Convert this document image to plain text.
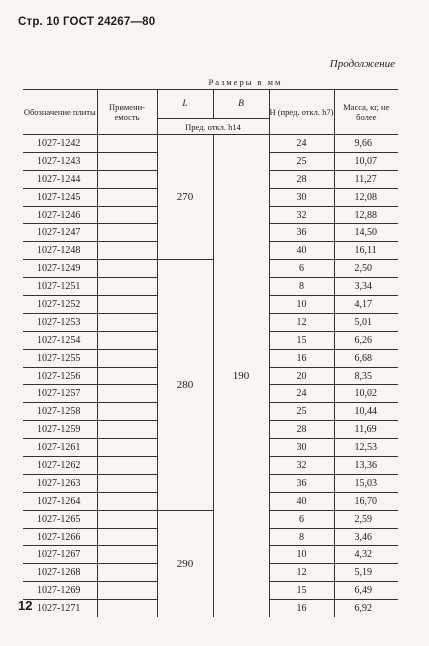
Стр. 10 ГОСТ 24267—80
Продолжение
		Размеры в мм			
Обозначение плиты	Примени- емость	L	B	H (пред. откл. h7)	Масса, кг, не более
		Пред. откл. h14			
1027-1242		270	190	24	9,66
1027-1243				25	10,07
1027-1244				28	11,27
1027-1245				30	12,08
1027-1246				32	12,88
1027-1247				36	14,50
1027-1248				40	16,11
1027-1249		280		6	2,50
1027-1251				8	3,34
1027-1252				10	4,17
1027-1253				12	5,01
1027-1254				15	6,26
1027-1255				16	6,68
1027-1256				20	8,35
1027-1257				24	10,02
1027-1258				25	10,44
1027-1259				28	11,69
1027-1261				30	12,53
1027-1262				32	13,36
1027-1263				36	15,03
1027-1264				40	16,70
1027-1265		290		6	2,59
1027-1266				8	3,46
1027-1267				10	4,32
1027-1268				12	5,19
1027-1269				15	6,49
1027-1271				16	6,92
12
